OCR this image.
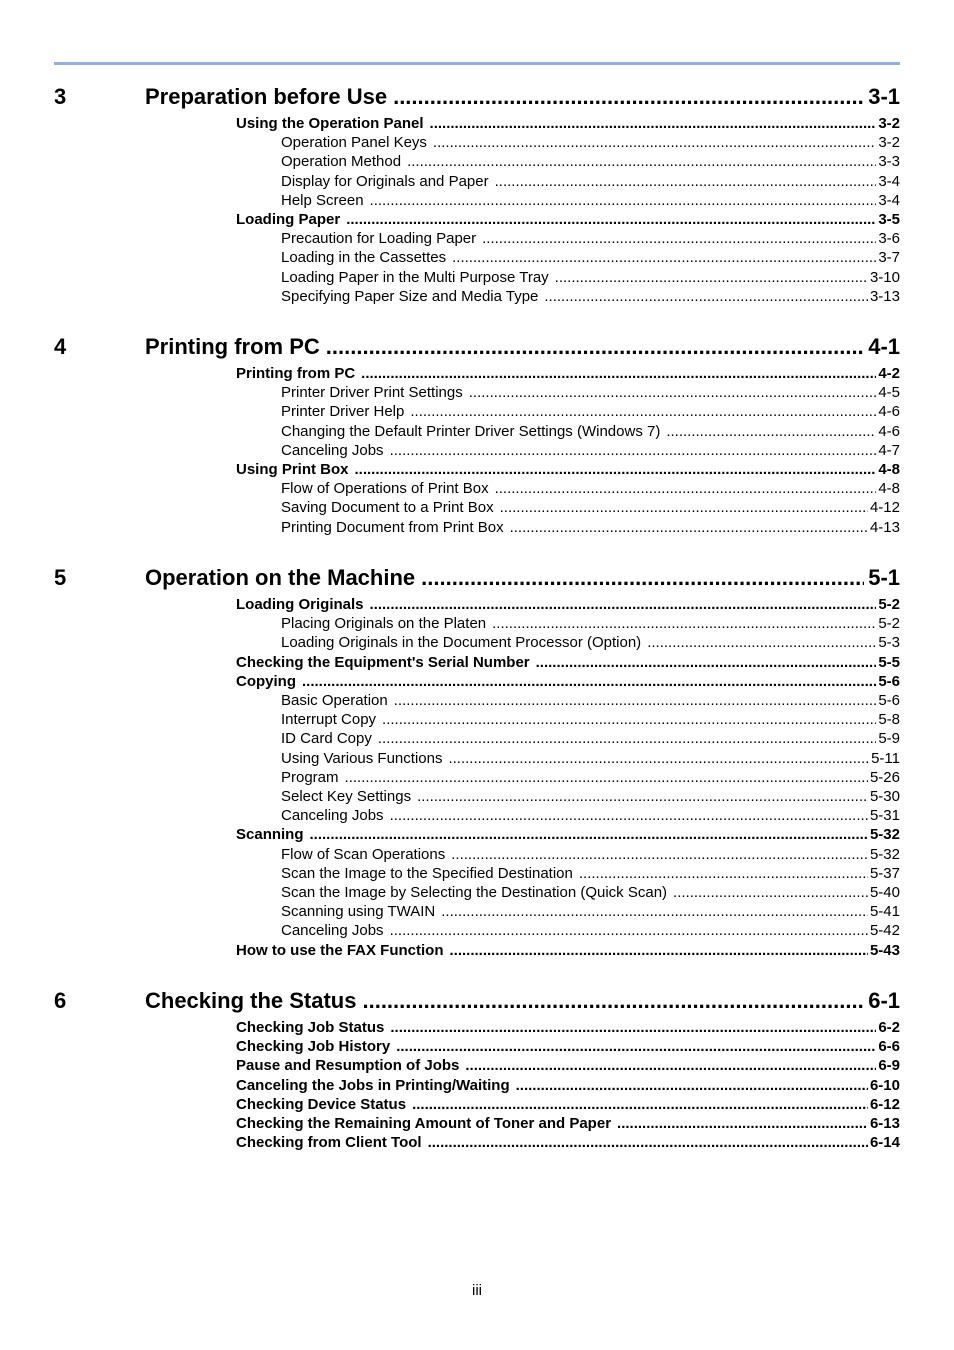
3	Preparation before Use .....	3-1
Using the Operation Panel .....	3-2
Operation Panel Keys .....	3-2
Operation Method .....	3-3
Display for Originals and Paper .....	3-4
Help Screen .....	3-4
Loading Paper .....	3-5
Precaution for Loading Paper .....	3-6
Loading in the Cassettes .....	3-7
Loading Paper in the Multi Purpose Tray .....	3-10
Specifying Paper Size and Media Type .....	3-13
4	Printing from PC .....	4-1
Printing from PC .....	4-2
Printer Driver Print Settings .....	4-5
Printer Driver Help .....	4-6
Changing the Default Printer Driver Settings (Windows 7) .....	4-6
Canceling Jobs .....	4-7
Using Print Box .....	4-8
Flow of Operations of Print Box .....	4-8
Saving Document to a Print Box .....	4-12
Printing Document from Print Box .....	4-13
5	Operation on the Machine .....	5-1
Loading Originals .....	5-2
Placing Originals on the Platen .....	5-2
Loading Originals in the Document Processor (Option) .....	5-3
Checking the Equipment's Serial Number .....	5-5
Copying .....	5-6
Basic Operation .....	5-6
Interrupt Copy .....	5-8
ID Card Copy .....	5-9
Using Various Functions .....	5-11
Program .....	5-26
Select Key Settings .....	5-30
Canceling Jobs .....	5-31
Scanning .....	5-32
Flow of Scan Operations .....	5-32
Scan the Image to the Specified Destination .....	5-37
Scan the Image by Selecting the Destination (Quick Scan) .....	5-40
Scanning using TWAIN .....	5-41
Canceling Jobs .....	5-42
How to use the FAX Function .....	5-43
6	Checking the Status .....	6-1
Checking Job Status .....	6-2
Checking Job History .....	6-6
Pause and Resumption of Jobs .....	6-9
Canceling the Jobs in Printing/Waiting .....	6-10
Checking Device Status .....	6-12
Checking the Remaining Amount of Toner and Paper .....	6-13
Checking from Client Tool .....	6-14
iii
